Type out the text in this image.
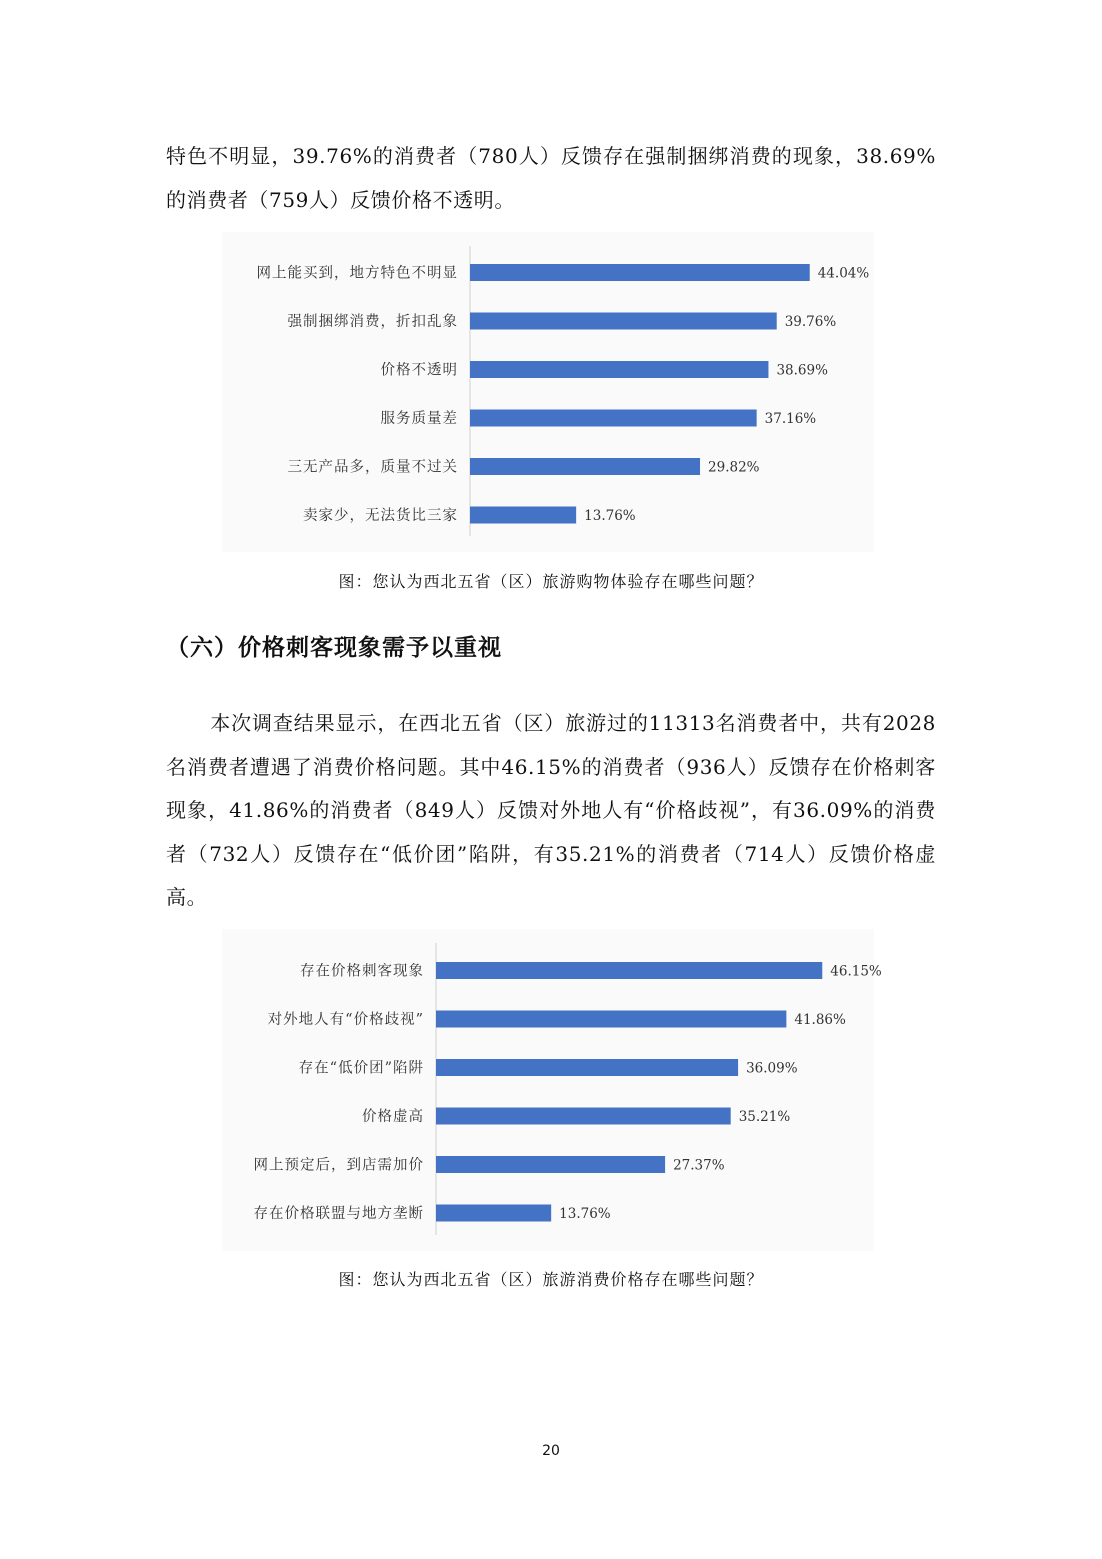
特色不明显，39.76%的消费者（780人）反馈存在强制捆绑消费的现象，38.69%的消费者（759人）反馈价格不透明。

网上能买到，地方特色不明显	44.04%
强制捆绑消费，折扣乱象	39.76%
价格不透明	38.69%
服务质量差	37.16%
三无产品多，质量不过关	29.82%
卖家少，无法货比三家	13.76%

图：您认为西北五省（区）旅游购物体验存在哪些问题？

（六）价格刺客现象需予以重视

本次调查结果显示，在西北五省（区）旅游过的11313名消费者中，共有2028名消费者遭遇了消费价格问题。其中46.15%的消费者（936人）反馈存在价格刺客现象，41.86%的消费者（849人）反馈对外地人有“价格歧视”，有36.09%的消费者（732人）反馈存在“低价团”陷阱，有35.21%的消费者（714人）反馈价格虚高。

存在价格刺客现象	46.15%
对外地人有“价格歧视”	41.86%
存在“低价团”陷阱	36.09%
价格虚高	35.21%
网上预定后，到店需加价	27.37%
存在价格联盟与地方垄断	13.76%

图：您认为西北五省（区）旅游消费价格存在哪些问题？

20
